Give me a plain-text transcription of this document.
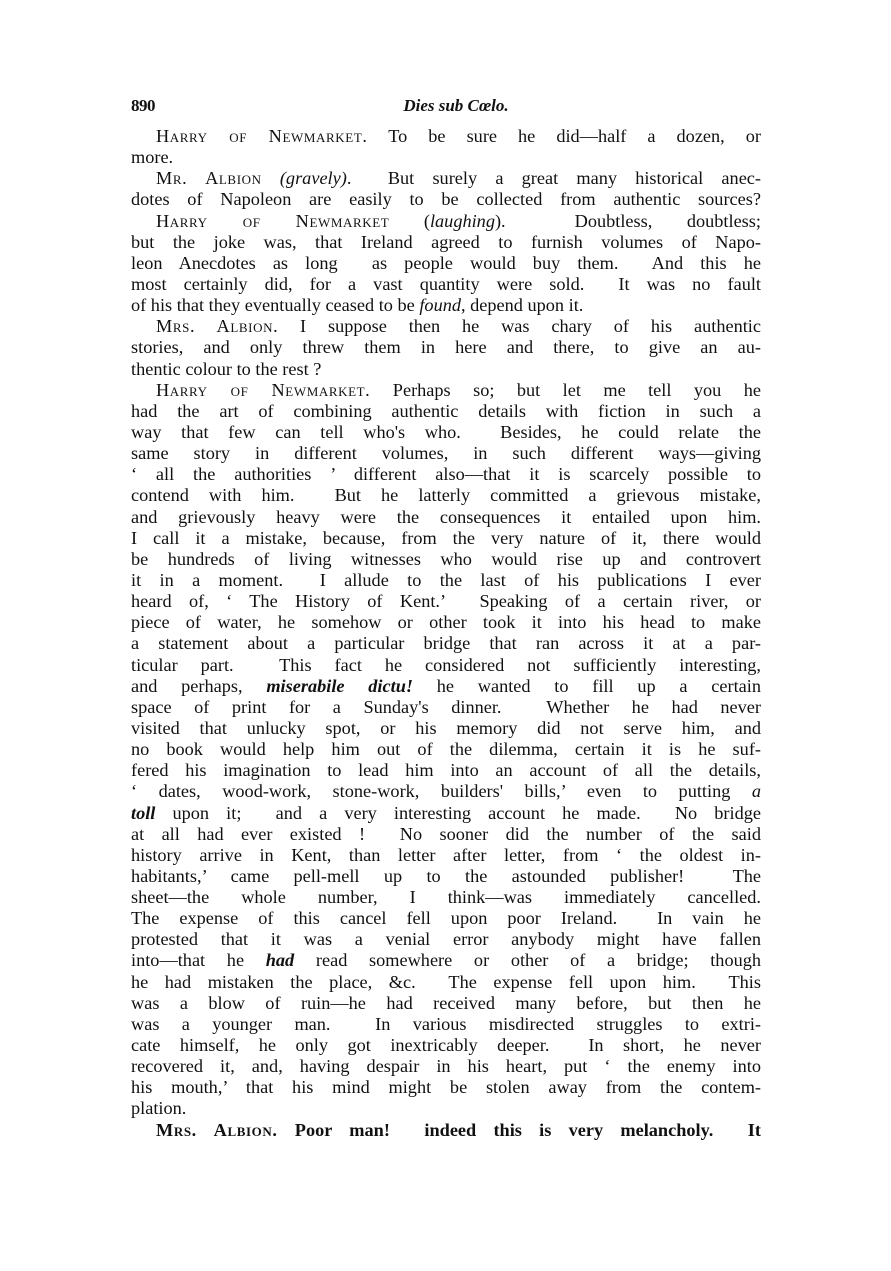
890	Dies sub Cœlo.
Harry of Newmarket. To be sure he did—half a dozen, or
more.
Mr. Albion (gravely).  But surely a great many historical anec-
dotes of Napoleon are easily to be collected from authentic sources?
Harry of Newmarket (laughing).  Doubtless, doubtless;
but the joke was, that Ireland agreed to furnish volumes of Napo-
leon Anecdotes as long  as people would buy them.  And this he
most certainly did, for a vast quantity were sold.  It was no fault
of his that they eventually ceased to be found, depend upon it.
Mrs. Albion. I suppose then he was chary of his authentic
stories, and only threw them in here and there, to give an au-
thentic colour to the rest ?
Harry of Newmarket. Perhaps so; but let me tell you he
had the art of combining authentic details with fiction in such a
way that few can tell who's who.  Besides, he could relate the
same story in different volumes, in such different ways—giving
‘ all the authorities ’ different also—that it is scarcely possible to
contend with him.  But he latterly committed a grievous mistake,
and grievously heavy were the consequences it entailed upon him.
I call it a mistake, because, from the very nature of it, there would
be hundreds of living witnesses who would rise up and controvert
it in a moment.  I allude to the last of his publications I ever
heard of, ‘ The History of Kent.’  Speaking of a certain river, or
piece of water, he somehow or other took it into his head to make
a statement about a particular bridge that ran across it at a par-
ticular part.  This fact he considered not sufficiently interesting,
and perhaps, miserabile dictu! he wanted to fill up a certain
space of print for a Sunday's dinner.  Whether he had never
visited that unlucky spot, or his memory did not serve him, and
no book would help him out of the dilemma, certain it is he suf-
fered his imagination to lead him into an account of all the details,
‘ dates, wood-work, stone-work, builders' bills,’ even to putting a
toll upon it;  and a very interesting account he made.  No bridge
at all had ever existed !  No sooner did the number of the said
history arrive in Kent, than letter after letter, from ‘ the oldest in-
habitants,’ came pell-mell up to the astounded publisher!  The
sheet—the whole number, I think—was immediately cancelled.
The expense of this cancel fell upon poor Ireland.  In vain he
protested that it was a venial error anybody might have fallen
into—that he had read somewhere or other of a bridge; though
he had mistaken the place, &c.  The expense fell upon him.  This
was a blow of ruin—he had received many before, but then he
was a younger man.  In various misdirected struggles to extri-
cate himself, he only got inextricably deeper.  In short, he never
recovered it, and, having despair in his heart, put ‘ the enemy into
his mouth,’ that his mind might be stolen away from the contem-
plation.
Mrs. Albion. Poor man!  indeed this is very melancholy.  It
